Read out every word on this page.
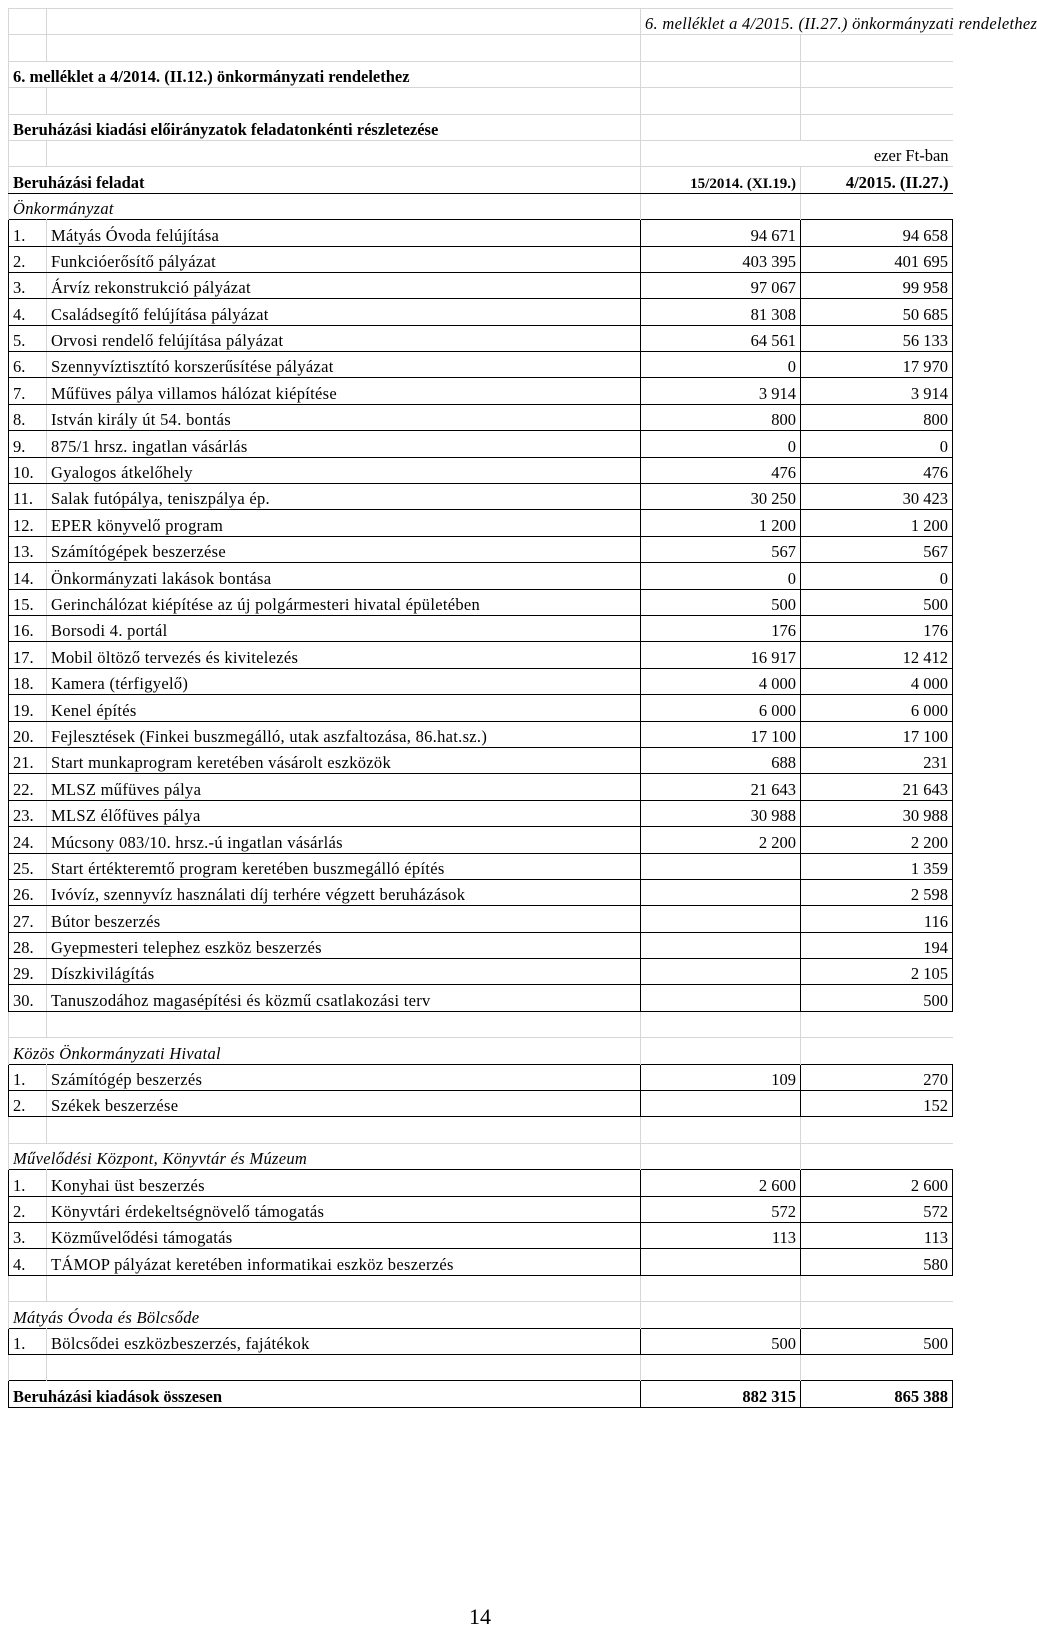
		6. melléklet a 4/2015. (II.27.) önkormányzati rendelethez	

6. melléklet a 4/2014. (II.12.) önkormányzati rendelethez			

Beruházási kiadási előirányzatok feladatonkénti részletezése			
		ezer Ft-ban	
Beruházási feladat		15/2014. (XI.19.)	4/2015. (II.27.)
Önkormányzat			
1.	Mátyás Óvoda felújítása	94 671	94 658
2.	Funkcióerősítő pályázat	403 395	401 695
3.	Árvíz rekonstrukció pályázat	97 067	99 958
4.	Családsegítő felújítása pályázat	81 308	50 685
5.	Orvosi rendelő felújítása pályázat	64 561	56 133
6.	Szennyvíztisztító korszerűsítése pályázat	0	17 970
7.	Műfüves pálya villamos hálózat kiépítése	3 914	3 914
8.	István király út 54. bontás	800	800
9.	875/1 hrsz. ingatlan vásárlás	0	0
10.	Gyalogos átkelőhely	476	476
11.	Salak futópálya, teniszpálya ép.	30 250	30 423
12.	EPER könyvelő program	1 200	1 200
13.	Számítógépek beszerzése	567	567
14.	Önkormányzati lakások bontása	0	0
15.	Gerinchálózat kiépítése az új polgármesteri hivatal épületében	500	500
16.	Borsodi 4. portál	176	176
17.	Mobil öltöző tervezés és kivitelezés	16 917	12 412
18.	Kamera (térfigyelő)	4 000	4 000
19.	Kenel építés	6 000	6 000
20.	Fejlesztések (Finkei buszmegálló, utak aszfaltozása, 86.hat.sz.)	17 100	17 100
21.	Start munkaprogram keretében vásárolt eszközök	688	231
22.	MLSZ műfüves pálya	21 643	21 643
23.	MLSZ élőfüves pálya	30 988	30 988
24.	Múcsony 083/10. hrsz.-ú ingatlan vásárlás	2 200	2 200
25.	Start értékteremtő program keretében buszmegálló építés		1 359
26.	Ivóvíz, szennyvíz használati díj terhére végzett beruházások		2 598
27.	Bútor beszerzés		116
28.	Gyepmesteri telephez eszköz beszerzés		194
29.	Díszkivilágítás		2 105
30.	Tanuszodához magasépítési és közmű csatlakozási terv		500

Közös Önkormányzati Hivatal			
1.	Számítógép beszerzés	109	270
2.	Székek beszerzése		152

Művelődési Központ, Könyvtár és Múzeum			
1.	Konyhai üst beszerzés	2 600	2 600
2.	Könyvtári érdekeltségnövelő támogatás	572	572
3.	Közművelődési támogatás	113	113
4.	TÁMOP pályázat keretében informatikai eszköz beszerzés		580

Mátyás Óvoda és Bölcsőde			
1.	Bölcsődei eszközbeszerzés, fajátékok	500	500

Beruházási kiadások összesen		882 315	865 388
14
